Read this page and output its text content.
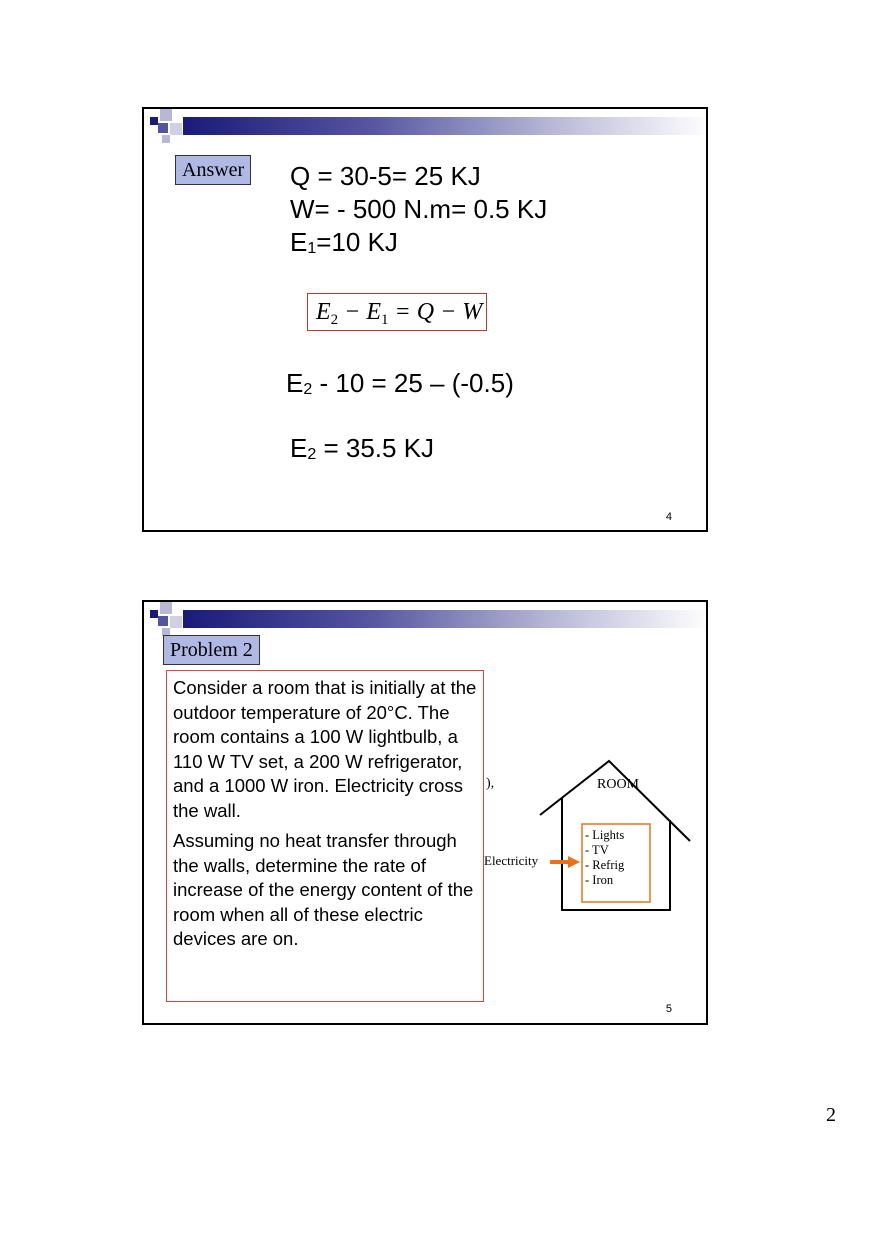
Answer Q = 30-5= 25 KJ
W= - 500 N.m= 0.5 KJ
E1=10 KJ
$E_2 - E_1 = Q - W$
E2 - 10 = 25 – (-0.5)
E2 = 35.5 KJ
4
Problem 2

Consider a room that is initially at the outdoor temperature of 20°C. The room contains a 100 W lightbulb, a 110 W TV set, a 200 W refrigerator, and a 1000 W iron. Electricity cross the wall.

Assuming no heat transfer through the walls, determine the rate of increase of the energy content of the room when all of these electric devices are on.

),	ROOM
- Lights
- TV
- Refrig
- Iron
Electricity
5
2
